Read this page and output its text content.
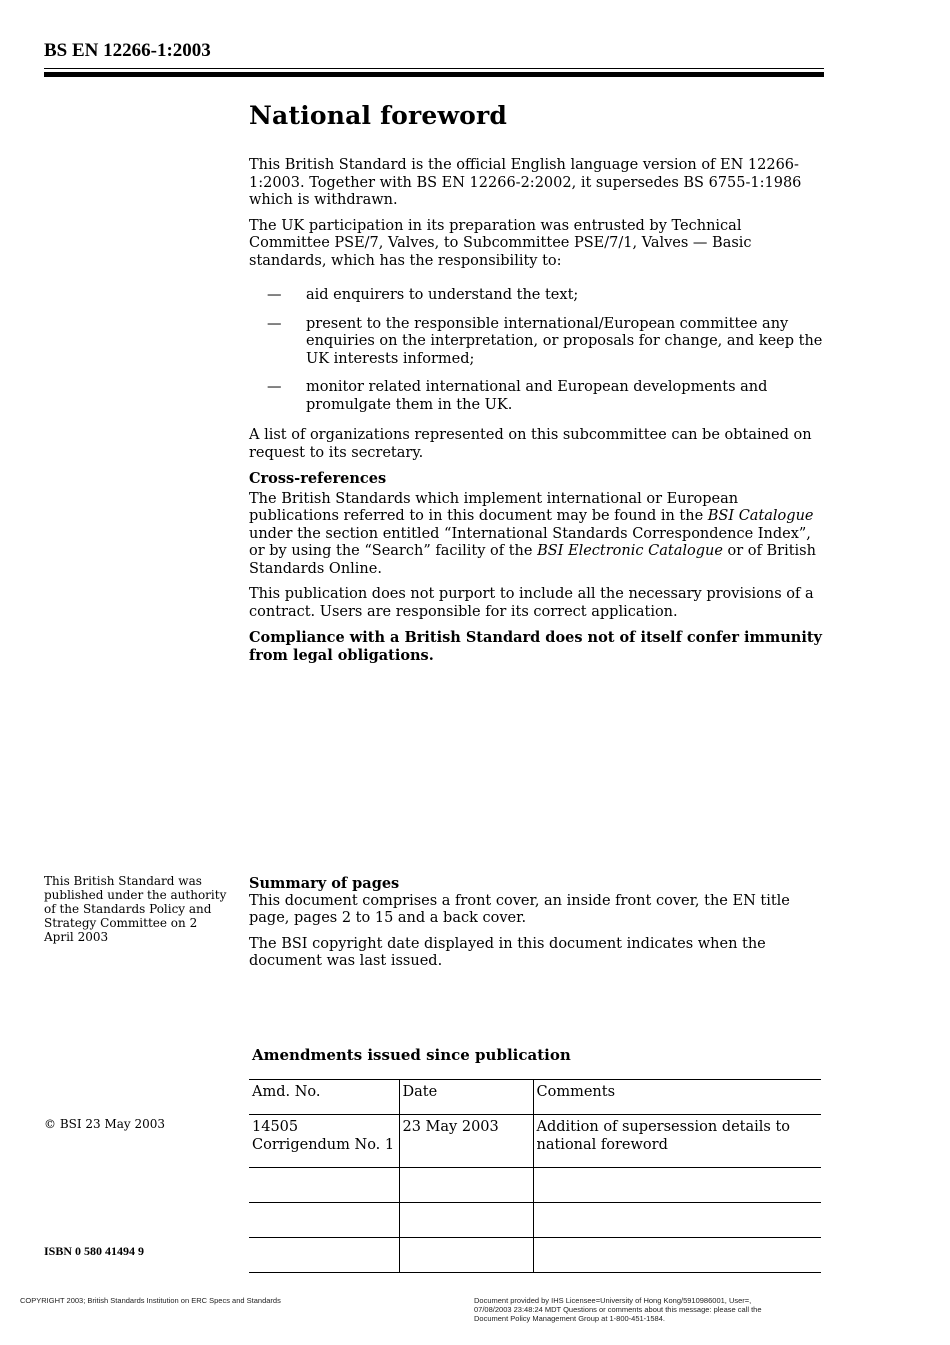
BS EN 12266-1:2003
National foreword

This British Standard is the official English language version of EN 12266-1:2003. Together with BS EN 12266-2:2002, it supersedes BS 6755-1:1986 which is withdrawn.

The UK participation in its preparation was entrusted by Technical Committee PSE/7, Valves, to Subcommittee PSE/7/1, Valves — Basic standards, which has the responsibility to:

—	aid enquirers to understand the text;
—	present to the responsible international/European committee any enquiries on the interpretation, or proposals for change, and keep the UK interests informed;
—	monitor related international and European developments and promulgate them in the UK.

A list of organizations represented on this subcommittee can be obtained on request to its secretary.

Cross-references

The British Standards which implement international or European publications referred to in this document may be found in the BSI Catalogue under the section entitled “International Standards Correspondence Index”, or by using the “Search” facility of the BSI Electronic Catalogue or of British Standards Online.

This publication does not purport to include all the necessary provisions of a contract. Users are responsible for its correct application.

Compliance with a British Standard does not of itself confer immunity from legal obligations.

This British Standard was published under the authority of the Standards Policy and Strategy Committee on 2 April 2003
Summary of pages

This document comprises a front cover, an inside front cover, the EN title page, pages 2 to 15 and a back cover.

The BSI copyright date displayed in this document indicates when the document was last issued.

Amendments issued since publication
Amd. No.	Date	Comments
14505
Corrigendum No. 1	23 May 2003	Addition of supersession details to national foreword

© BSI 23 May 2003
ISBN 0 580 41494 9
COPYRIGHT 2003; British Standards Institution on ERC Specs and Standards	Document provided by IHS Licensee=University of Hong Kong/5910986001, User=, 07/08/2003 23:48:24 MDT Questions or comments about this message: please call the Document Policy Management Group at 1-800-451-1584.
